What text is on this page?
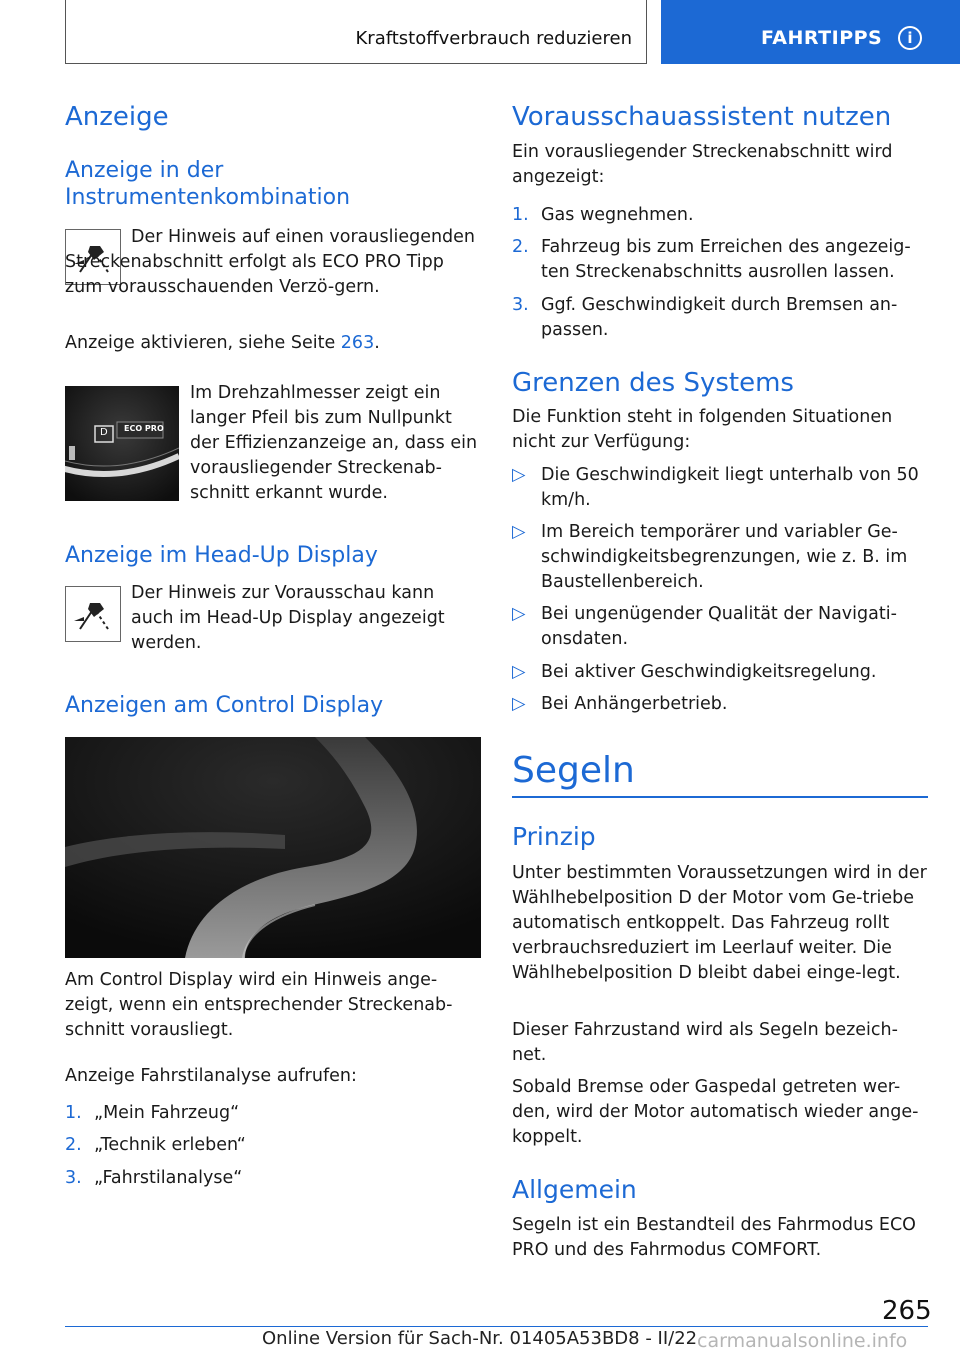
Kraftstoffverbrauch reduzieren	FAHRTIPPS	i
Anzeige
Anzeige in der Instrumentenkombination

Der Hinweis auf einen vorausliegenden Streckenabschnitt erfolgt als ECO PRO Tipp zum vorausschauenden Verzö-gern.

Anzeige aktivieren, siehe Seite 263.

ECO PRO
D

Im Drehzahlmesser zeigt ein langer Pfeil bis zum Nullpunkt der Effizienzanzeige an, dass ein vorausliegender Streckenab-schnitt erkannt wurde.

Anzeige im Head-Up Display

Der Hinweis zur Vorausschau kann auch im Head-Up Display angezeigt werden.

Anzeigen am Control Display

Am Control Display wird ein Hinweis ange-zeigt, wenn ein entsprechender Streckenab-schnitt vorausliegt.

Anzeige Fahrstilanalyse aufrufen:

1. „Mein Fahrzeug“
2. „Technik erleben“
3. „Fahrstilanalyse“
Vorausschauassistent nutzen

Ein vorausliegender Streckenabschnitt wird angezeigt:

1. Gas wegnehmen.
2. Fahrzeug bis zum Erreichen des angezeig-ten Streckenabschnitts ausrollen lassen.
3. Ggf. Geschwindigkeit durch Bremsen an-passen.
Grenzen des Systems

Die Funktion steht in folgenden Situationen nicht zur Verfügung:

▷ Die Geschwindigkeit liegt unterhalb von 50 km/h.
▷ Im Bereich temporärer und variabler Ge-schwindigkeitsbegrenzungen, wie z. B. im Baustellenbereich.
▷ Bei ungenügender Qualität der Navigati-onsdaten.
▷ Bei aktiver Geschwindigkeitsregelung.
▷ Bei Anhängerbetrieb.
Segeln
Prinzip

Unter bestimmten Voraussetzungen wird in der Wählhebelposition D der Motor vom Ge-triebe automatisch entkoppelt. Das Fahrzeug rollt verbrauchsreduziert im Leerlauf weiter. Die Wählhebelposition D bleibt dabei einge-legt.

Dieser Fahrzustand wird als Segeln bezeich-net.

Sobald Bremse oder Gaspedal getreten wer-den, wird der Motor automatisch wieder ange-koppelt.

Allgemein

Segeln ist ein Bestandteil des Fahrmodus ECO PRO und des Fahrmodus COMFORT.

265
Online Version für Sach-Nr. 01405A53BD8 - II/22 carmanualsonline.info
